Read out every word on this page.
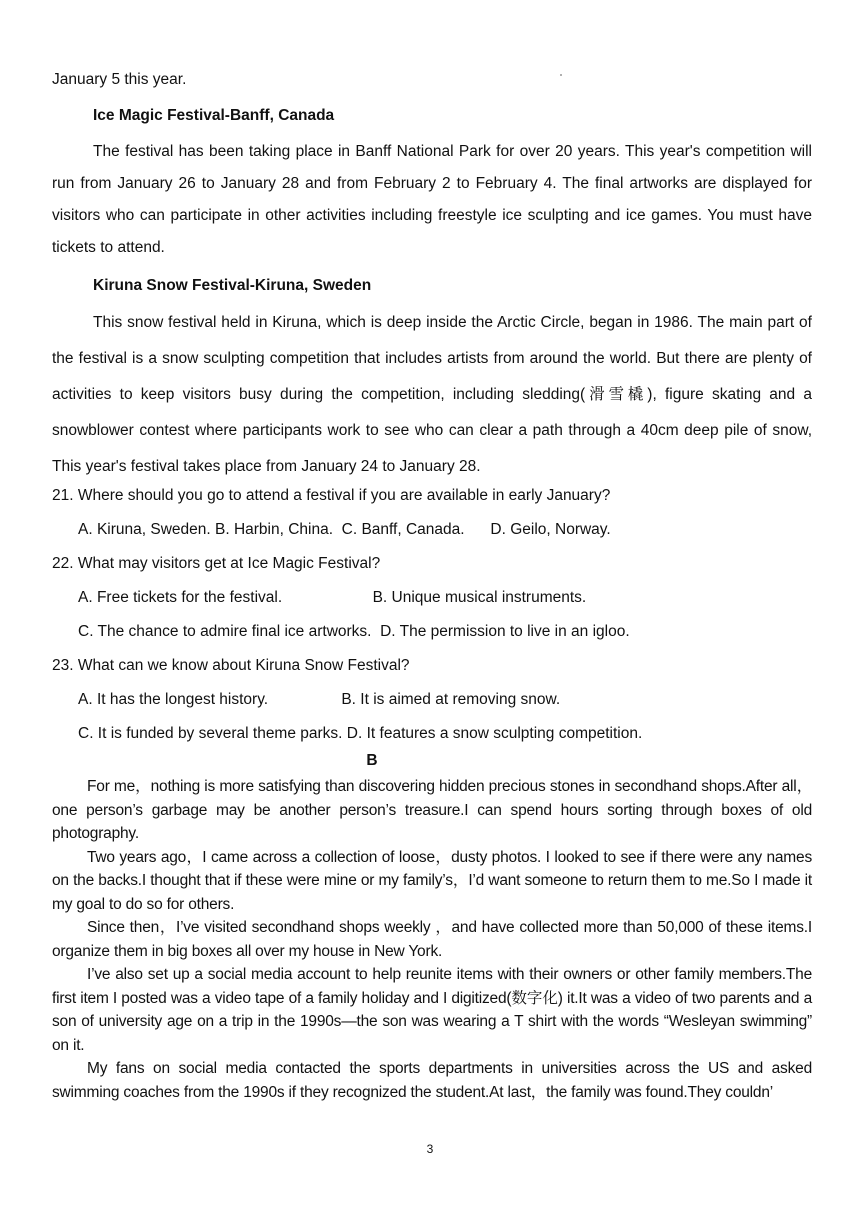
January 5 this year.

Ice Magic Festival-Banff, Canada

The festival has been taking place in Banff National Park for over 20 years. This year's competition will run from January 26 to January 28 and from February 2 to February 4. The final artworks are displayed for visitors who can participate in other activities including freestyle ice sculpting and ice games. You must have tickets to attend.

Kiruna Snow Festival-Kiruna, Sweden

This snow festival held in Kiruna, which is deep inside the Arctic Circle, began in 1986. The main part of the festival is a snow sculpting competition that includes artists from around the world. But there are plenty of activities to keep visitors busy during the competition, including sledding(滑雪橇), figure skating and a snowblower contest where participants work to see who can clear a path through a 40cm deep pile of snow, This year's festival takes place from January 24 to January 28.

21. Where should you go to attend a festival if you are available in early January?

A. Kiruna, Sweden. B. Harbin, China.  C. Banff, Canada.      D. Geilo, Norway.

22. What may visitors get at Ice Magic Festival?

A. Free tickets for the festival.                     B. Unique musical instruments.

C. The chance to admire final ice artworks.  D. The permission to live in an igloo.

23. What can we know about Kiruna Snow Festival?

A. It has the longest history.                 B. It is aimed at removing snow.

C. It is funded by several theme parks. D. It features a snow sculpting competition.

B

For me，nothing is more satisfying than discovering hidden precious stones in secondhand shops.After all，one person’s garbage may be another person’s treasure.I can spend hours sorting through boxes of old photography.

Two years ago，I came across a collection of loose，dusty photos. I looked to see if there were any names on the backs.I thought that if these were mine or my family’s，I’d want someone to return them to me.So I made it my goal to do so for others.

Since then，I’ve visited secondhand shops weekly ，and have collected more than 50,000 of these items.I organize them in big boxes all over my house in New York.

I’ve also set up a social media account to help reunite items with their owners or other family members.The first item I posted was a video tape of a family holiday and I digitized(数字化) it.It was a video of two parents and a son of university age on a trip in the 1990s—the son was wearing a T shirt with the words “Wesleyan swimming” on it.

My fans on social media contacted the sports departments in universities across the US and asked swimming coaches from the 1990s if they recognized the student.At last，the family was found.They couldn’

3
